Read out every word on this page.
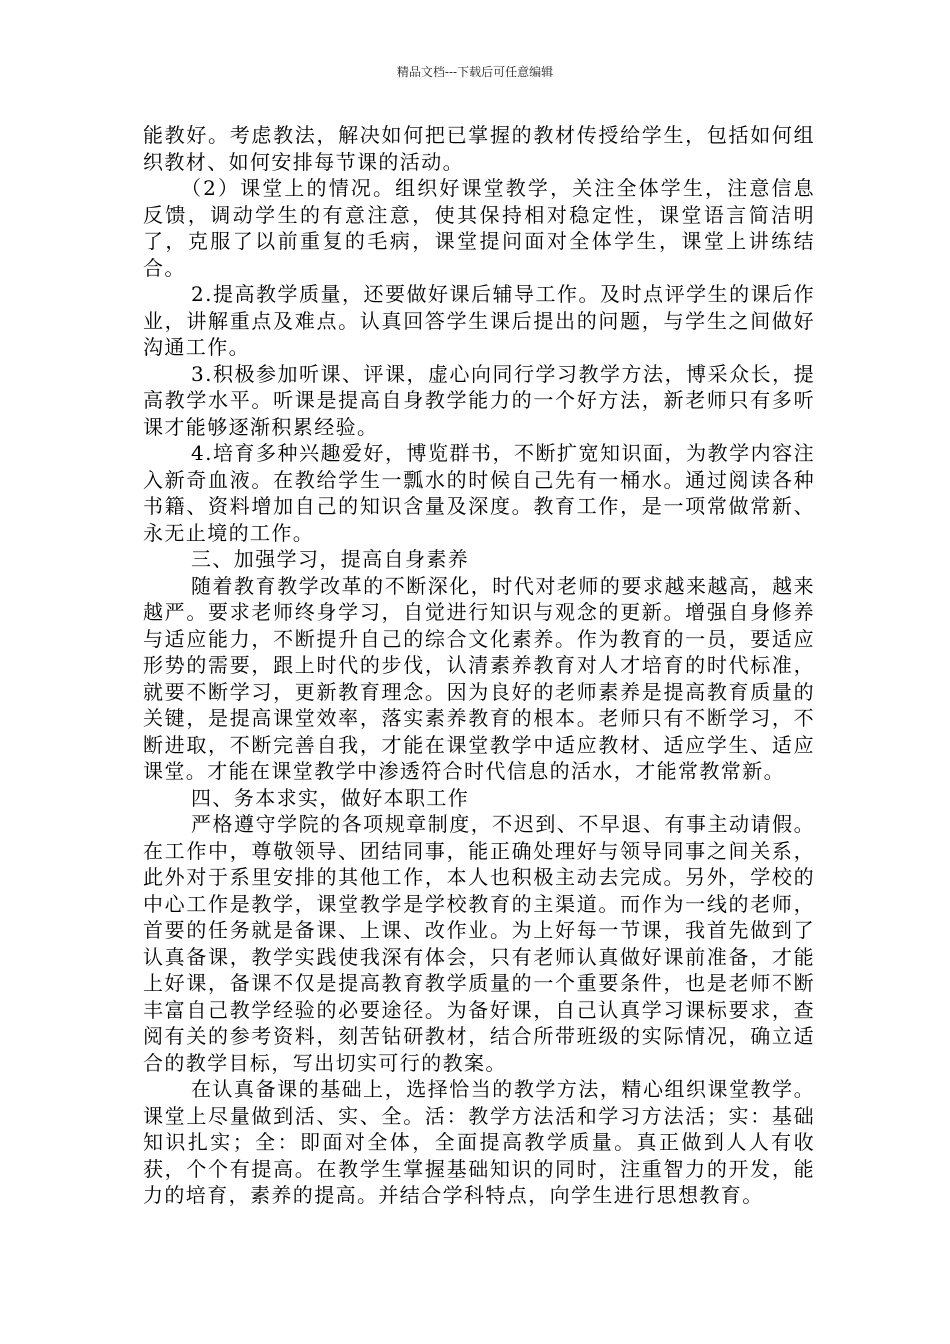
精品文档---下载后可任意编辑

能教好。考虑教法，解决如何把已掌握的教材传授给学生，包括如何组织教材、如何安排每节课的活动。

（2）课堂上的情况。组织好课堂教学，关注全体学生，注意信息反馈，调动学生的有意注意，使其保持相对稳定性，课堂语言简洁明了，克服了以前重复的毛病，课堂提问面对全体学生，课堂上讲练结合。

2.提高教学质量，还要做好课后辅导工作。及时点评学生的课后作业，讲解重点及难点。认真回答学生课后提出的问题，与学生之间做好沟通工作。

3.积极参加听课、评课，虚心向同行学习教学方法，博采众长，提高教学水平。听课是提高自身教学能力的一个好方法，新老师只有多听课才能够逐渐积累经验。

4.培育多种兴趣爱好，博览群书，不断扩宽知识面，为教学内容注入新奇血液。在教给学生一瓢水的时候自己先有一桶水。通过阅读各种书籍、资料增加自己的知识含量及深度。教育工作，是一项常做常新、永无止境的工作。

三、加强学习，提高自身素养

随着教育教学改革的不断深化，时代对老师的要求越来越高，越来越严。要求老师终身学习，自觉进行知识与观念的更新。增强自身修养与适应能力，不断提升自己的综合文化素养。作为教育的一员，要适应形势的需要，跟上时代的步伐，认清素养教育对人才培育的时代标准，就要不断学习，更新教育理念。因为良好的老师素养是提高教育质量的关键，是提高课堂效率，落实素养教育的根本。老师只有不断学习，不断进取，不断完善自我，才能在课堂教学中适应教材、适应学生、适应课堂。才能在课堂教学中渗透符合时代信息的活水，才能常教常新。

四、务本求实，做好本职工作

严格遵守学院的各项规章制度，不迟到、不早退、有事主动请假。在工作中，尊敬领导、团结同事，能正确处理好与领导同事之间关系，此外对于系里安排的其他工作，本人也积极主动去完成。另外，学校的中心工作是教学，课堂教学是学校教育的主渠道。而作为一线的老师，首要的任务就是备课、上课、改作业。为上好每一节课，我首先做到了认真备课，教学实践使我深有体会，只有老师认真做好课前准备，才能上好课，备课不仅是提高教育教学质量的一个重要条件，也是老师不断丰富自己教学经验的必要途径。为备好课，自己认真学习课标要求，查阅有关的参考资料，刻苦钻研教材，结合所带班级的实际情况，确立适合的教学目标，写出切实可行的教案。

在认真备课的基础上，选择恰当的教学方法，精心组织课堂教学。课堂上尽量做到活、实、全。活：教学方法活和学习方法活；实：基础知识扎实；全：即面对全体，全面提高教学质量。真正做到人人有收获，个个有提高。在教学生掌握基础知识的同时，注重智力的开发，能力的培育，素养的提高。并结合学科特点，向学生进行思想教育。
